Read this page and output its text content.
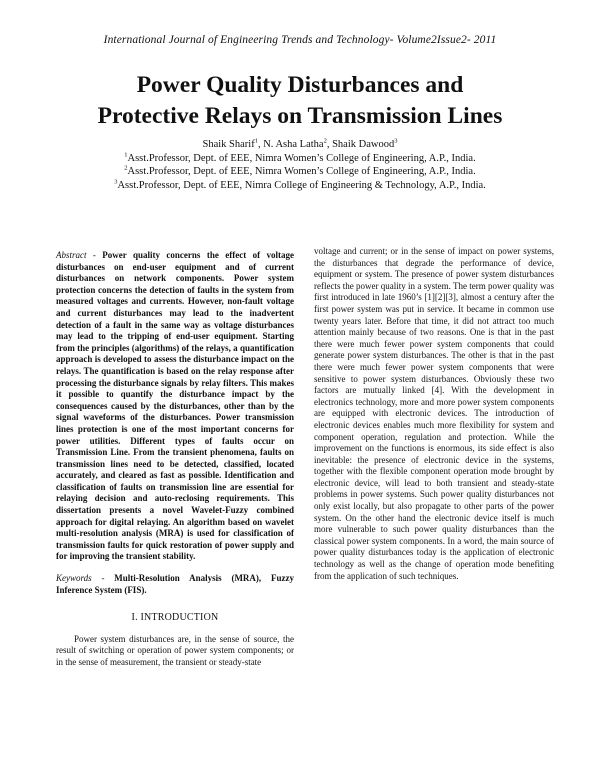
International Journal of Engineering Trends and Technology- Volume2Issue2- 2011
Power Quality Disturbances and
Protective Relays on Transmission Lines
Shaik Sharif$^1$, N. Asha Latha$^2$, Shaik Dawood$^3$
$^1$Asst.Professor, Dept. of EEE, Nimra Women’s College of Engineering, A.P., India.
$^2$Asst.Professor, Dept. of EEE, Nimra Women’s College of Engineering, A.P., India.
$^3$Asst.Professor, Dept. of EEE, Nimra College of Engineering & Technology, A.P., India.

Abstract - Power quality concerns the effect of voltage disturbances on end-user equipment and of current disturbances on network components. Power system protection concerns the detection of faults in the system from measured voltages and currents. However, non-fault voltage and current disturbances may lead to the inadvertent detection of a fault in the same way as voltage disturbances may lead to the tripping of end-user equipment. Starting from the principles (algorithms) of the relays, a quantification approach is developed to assess the disturbance impact on the relays. The quantification is based on the relay response after processing the disturbance signals by relay filters. This makes it possible to quantify the disturbance impact by the consequences caused by the disturbances, other than by the signal waveforms of the disturbances. Power transmission lines protection is one of the most important concerns for power utilities. Different types of faults occur on Transmission Line. From the transient phenomena, faults on transmission lines need to be detected, classified, located accurately, and cleared as fast as possible. Identification and classification of faults on transmission line are essential for relaying decision and auto-reclosing requirements. This dissertation presents a novel Wavelet-Fuzzy combined approach for digital relaying. An algorithm based on wavelet multi-resolution analysis (MRA) is used for classification of transmission faults for quick restoration of power supply and for improving the transient stability.

Keywords - Multi-Resolution Analysis (MRA), Fuzzy Inference System (FIS).

I. INTRODUCTION

Power system disturbances are, in the sense of source, the result of switching or operation of power system components; or in the sense of measurement, the transient or steady-state

voltage and current; or in the sense of impact on power systems, the disturbances that degrade the performance of device, equipment or system. The presence of power system disturbances reflects the power quality in a system. The term power quality was first introduced in late 1960’s [1][2][3], almost a century after the first power system was put in service. It became in common use twenty years later. Before that time, it did not attract too much attention mainly because of two reasons. One is that in the past there were much fewer power system components that could generate power system disturbances. The other is that in the past there were much fewer power system components that were sensitive to power system disturbances. Obviously these two factors are mutually linked [4]. With the development in electronics technology, more and more power system components are equipped with electronic devices. The introduction of electronic devices enables much more flexibility for system and component operation, regulation and protection. While the improvement on the functions is enormous, its side effect is also inevitable: the presence of electronic device in the systems, together with the flexible component operation mode brought by electronic device, will lead to both transient and steady-state problems in power systems. Such power quality disturbances not only exist locally, but also propagate to other parts of the power system. On the other hand the electronic device itself is much more vulnerable to such power quality disturbances than the classical power system components. In a word, the main source of power quality disturbances today is the application of electronic technology as well as the change of operation mode benefiting from the application of such techniques.
